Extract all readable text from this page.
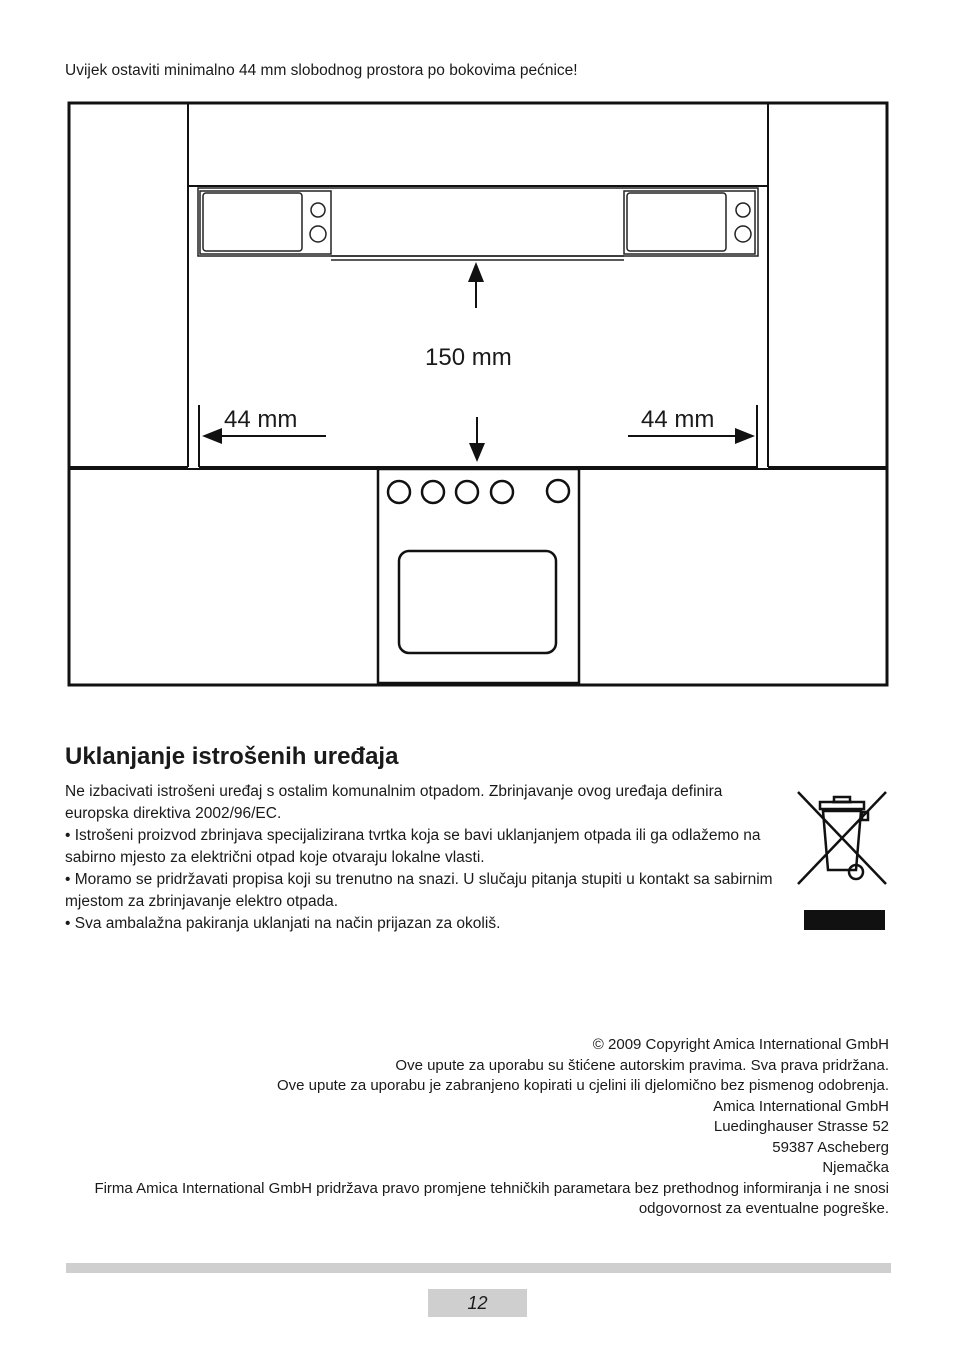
Uvijek ostaviti minimalno 44 mm slobodnog prostora po bokovima pećnice!
150 mm
44 mm	44 mm
Uklanjanje istrošenih uređaja

Ne izbacivati istrošeni uređaj s ostalim komunalnim otpadom. Zbrinjavanje ovog uređaja definira europska direktiva 2002/96/EC.

• Istrošeni proizvod zbrinjava specijalizirana tvrtka koja se bavi uklanjanjem otpada ili ga odlažemo na sabirno mjesto za električni otpad koje otvaraju lokalne vlasti.

• Moramo se pridržavati propisa koji su trenutno na snazi. U slučaju pitanja stupiti u kontakt sa sabirnim mjestom za zbrinjavanje elektro otpada.

• Sva ambalažna pakiranja uklanjati na način prijazan za okoliš.

© 2009 Copyright Amica International GmbH

Ove upute za uporabu su štićene autorskim pravima. Sva prava pridržana.

Ove upute za uporabu je zabranjeno kopirati u cjelini ili djelomično bez pismenog odobrenja.

Amica International GmbH

Luedinghauser Strasse 52

59387 Ascheberg

Njemačka

Firma Amica International GmbH pridržava pravo promjene tehničkih parametara bez prethodnog informiranja i ne snosi odgovornost za eventualne pogreške.

12
